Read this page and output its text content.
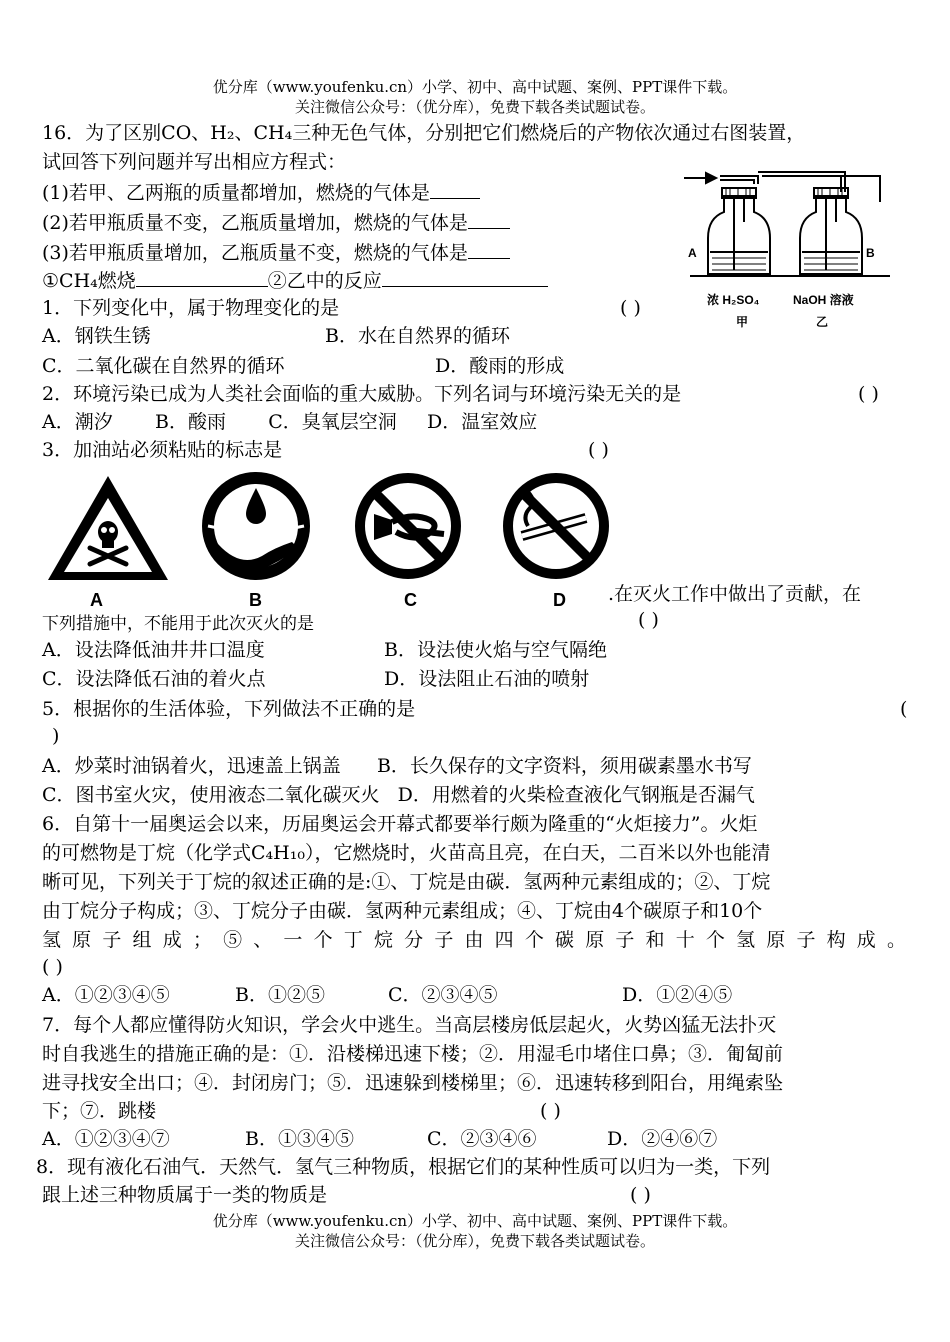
优分库（www.youfenku.cn）小学、初中、高中试题、案例、PPT课件下载。
关注微信公众号：（优分库），免费下载各类试题试卷。
16．为了区别CO、H₂、CH₄三种无色气体，分别把它们燃烧后的产物依次通过右图装置，
试回答下列问题并写出相应方程式：
(1)若甲、乙两瓶的质量都增加，燃烧的气体是
(2)若甲瓶质量不变，乙瓶质量增加，燃烧的气体是
(3)若甲瓶质量增加，乙瓶质量不变，燃烧的气体是
①CH₄燃烧	②乙中的反应
A	B
浓 H₂SO₄
甲
NaOH 溶液
乙
1．下列变化中，属于物理变化的是	( )
A．钢铁生锈	B．水在自然界的循环
C．二氧化碳在自然界的循环	D．酸雨的形成
2．环境污染已成为人类社会面临的重大威胁。下列名词与环境污染无关的是	( )
A．潮汐       B．酸雨       C．臭氧层空洞     D．温室效应
3．加油站必须粘贴的标志是	( )
A	B	C	D .在灭火工作中做出了贡献，在
下列措施中，不能用于此次灭火的是	( )
A．设法降低油井井口温度	B．设法使火焰与空气隔绝
C．设法降低石油的着火点	D．设法阻止石油的喷射
5．根据你的生活体验，下列做法不正确的是	(
)
A．炒菜时油锅着火，迅速盖上锅盖      B．长久保存的文字资料，须用碳素墨水书写
C．图书室火灾，使用液态二氧化碳灭火   D．用燃着的火柴检查液化气钢瓶是否漏气
6．自第十一届奥运会以来，历届奥运会开幕式都要举行颇为隆重的“火炬接力”。火炬
的可燃物是丁烷（化学式C₄H₁₀），它燃烧时，火苗高且亮，在白天，二百米以外也能清
晰可见，下列关于丁烷的叙述正确的是:①、丁烷是由碳．氢两种元素组成的；②、丁烷
由丁烷分子构成；③、丁烷分子由碳．氢两种元素组成；④、丁烷由4个碳原子和10个
氢原子组成；⑤、一个丁烷分子由四个碳原子和十个氢原子构成。
( )
A．①②③④⑤	B．①②⑤	C．②③④⑤	D．①②④⑤
7．每个人都应懂得防火知识，学会火中逃生。当高层楼房低层起火，火势凶猛无法扑灭
时自我逃生的措施正确的是：①．沿楼梯迅速下楼；②．用湿毛巾堵住口鼻；③．匍匐前
进寻找安全出口；④．封闭房门；⑤．迅速躲到楼梯里；⑥．迅速转移到阳台，用绳索坠
下；⑦．跳楼	( )
A．①②③④⑦	B．①③④⑤	C．②③④⑥	D．②④⑥⑦
8．现有液化石油气．天然气．氢气三种物质，根据它们的某种性质可以归为一类，下列
跟上述三种物质属于一类的物质是	( )
优分库（www.youfenku.cn）小学、初中、高中试题、案例、PPT课件下载。
关注微信公众号：（优分库），免费下载各类试题试卷。
